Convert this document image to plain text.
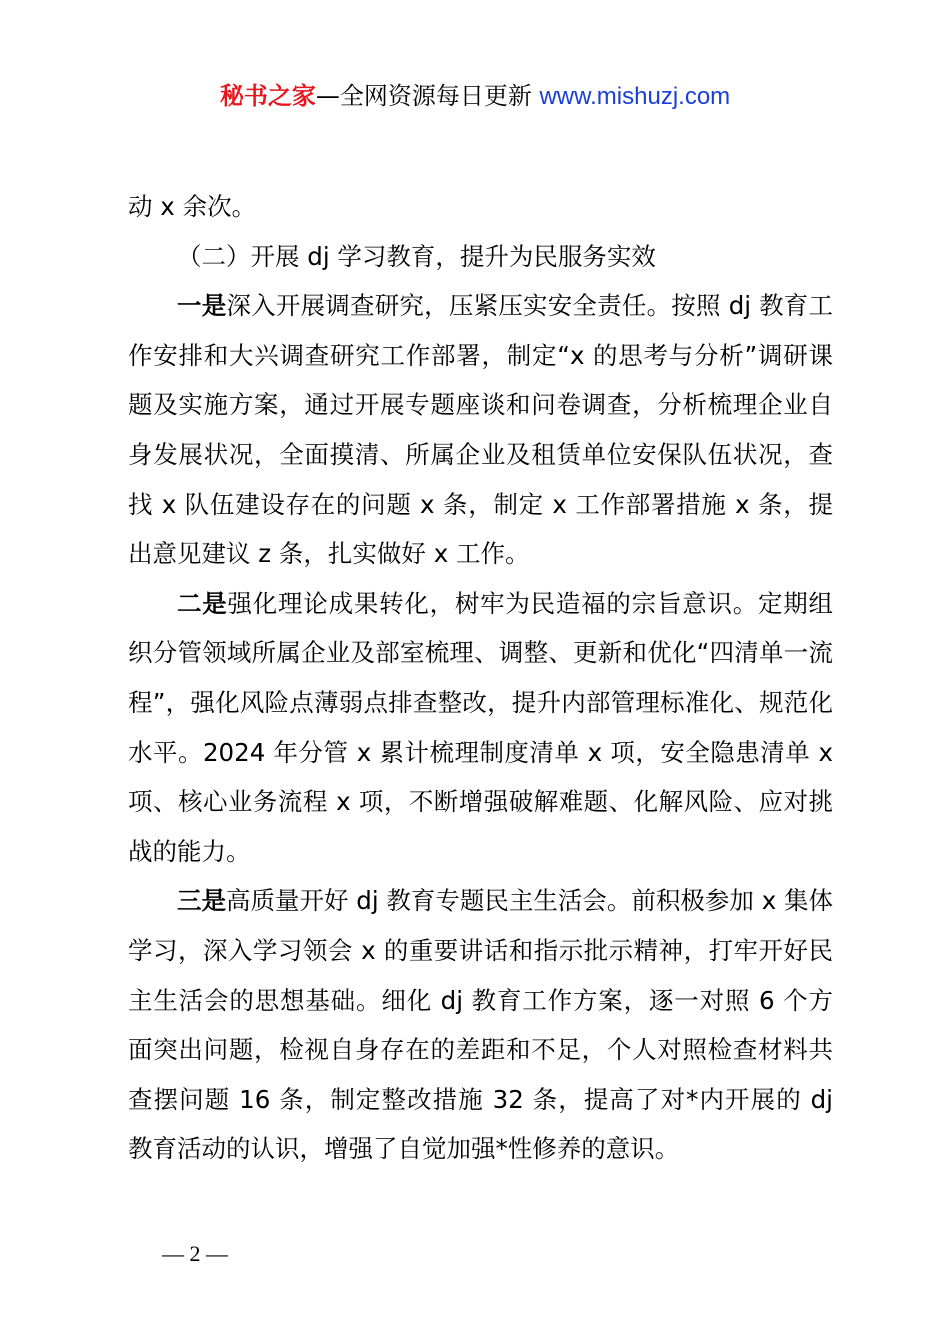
秘书之家—全网资源每日更新 www.mishuzj.com

动 x 余次。

（二）开展 dj 学习教育，提升为民服务实效

一是深入开展调查研究，压紧压实安全责任。按照 dj 教育工作安排和大兴调查研究工作部署，制定“x 的思考与分析”调研课题及实施方案，通过开展专题座谈和问卷调查，分析梳理企业自身发展状况，全面摸清、所属企业及租赁单位安保队伍状况，查找 x 队伍建设存在的问题 x 条，制定 x 工作部署措施 x 条，提出意见建议 z 条，扎实做好 x 工作。

二是强化理论成果转化，树牢为民造福的宗旨意识。定期组织分管领域所属企业及部室梳理、调整、更新和优化“四清单一流程”，强化风险点薄弱点排查整改，提升内部管理标准化、规范化水平。2024 年分管 x 累计梳理制度清单 x 项，安全隐患清单 x 项、核心业务流程 x 项，不断增强破解难题、化解风险、应对挑战的能力。

三是高质量开好 dj 教育专题民主生活会。前积极参加 x 集体学习，深入学习领会 x 的重要讲话和指示批示精神，打牢开好民主生活会的思想基础。细化 dj 教育工作方案，逐一对照 6 个方面突出问题，检视自身存在的差距和不足，个人对照检查材料共查摆问题 16 条，制定整改措施 32 条，提高了对*内开展的 dj 教育活动的认识，增强了自觉加强*性修养的意识。

— 2 —
